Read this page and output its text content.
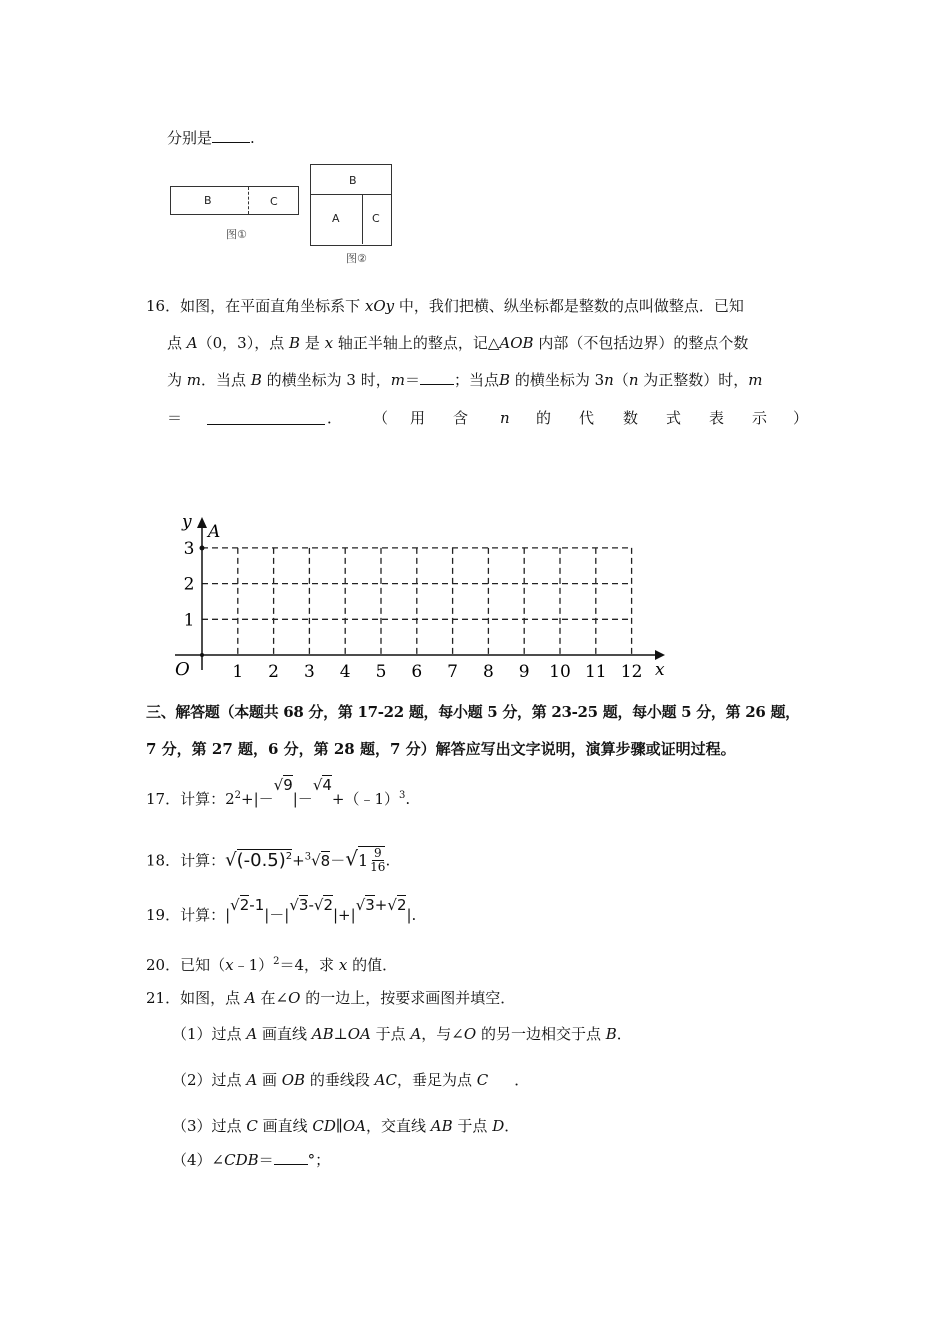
分别是	.
B	C
图①
B
A	C
图②
16．如图，在平面直角坐标系下 xOy 中，我们把横、纵坐标都是整数的点叫做整点．已知
点 A（0，3），点 B 是 x 轴正半轴上的整点，记△AOB 内部（不包括边界）的整点个数
为 m．当点 B 的横坐标为 3 时，m＝ ；当点B 的横坐标为 3n（n 为正整数）时，m
＝	． （ 用 含 n 的 代 数 式 表 示 ）
y A
O	x
1 2 3 4 5 6 7 8 9 10 11 12
1
2
3
三、解答题（本题共 68 分，第 17-22 题，每小题 5 分，第 23-25 题，每小题 5 分，第 26 题，
7 分，第 27 题，6 分，第 28 题，7 分）解答应写出文字说明，演算步骤或证明过程。
17．计算：$2^2+|-√9|-√4+(﹣1)^3$.
18．计算：$√(-0.5)^2+^3√8-√$ 1 9
16 .
19．计算：|√2-1|－|√3-√2|+|√3+√2|.
20．已知（x﹣1）$^2$＝4，求 x 的值．
21．如图，点 A 在∠O 的一边上，按要求画图并填空．
（1）过点 A 画直线 AB⊥OA 于点 A，与∠O 的另一边相交于点 B．
（2）过点 A 画 OB 的垂线段 AC，垂足为点 C ．
（3）过点 C 画直线 CD∥OA，交直线 AB 于点 D．
（4）∠CDB＝ °；
